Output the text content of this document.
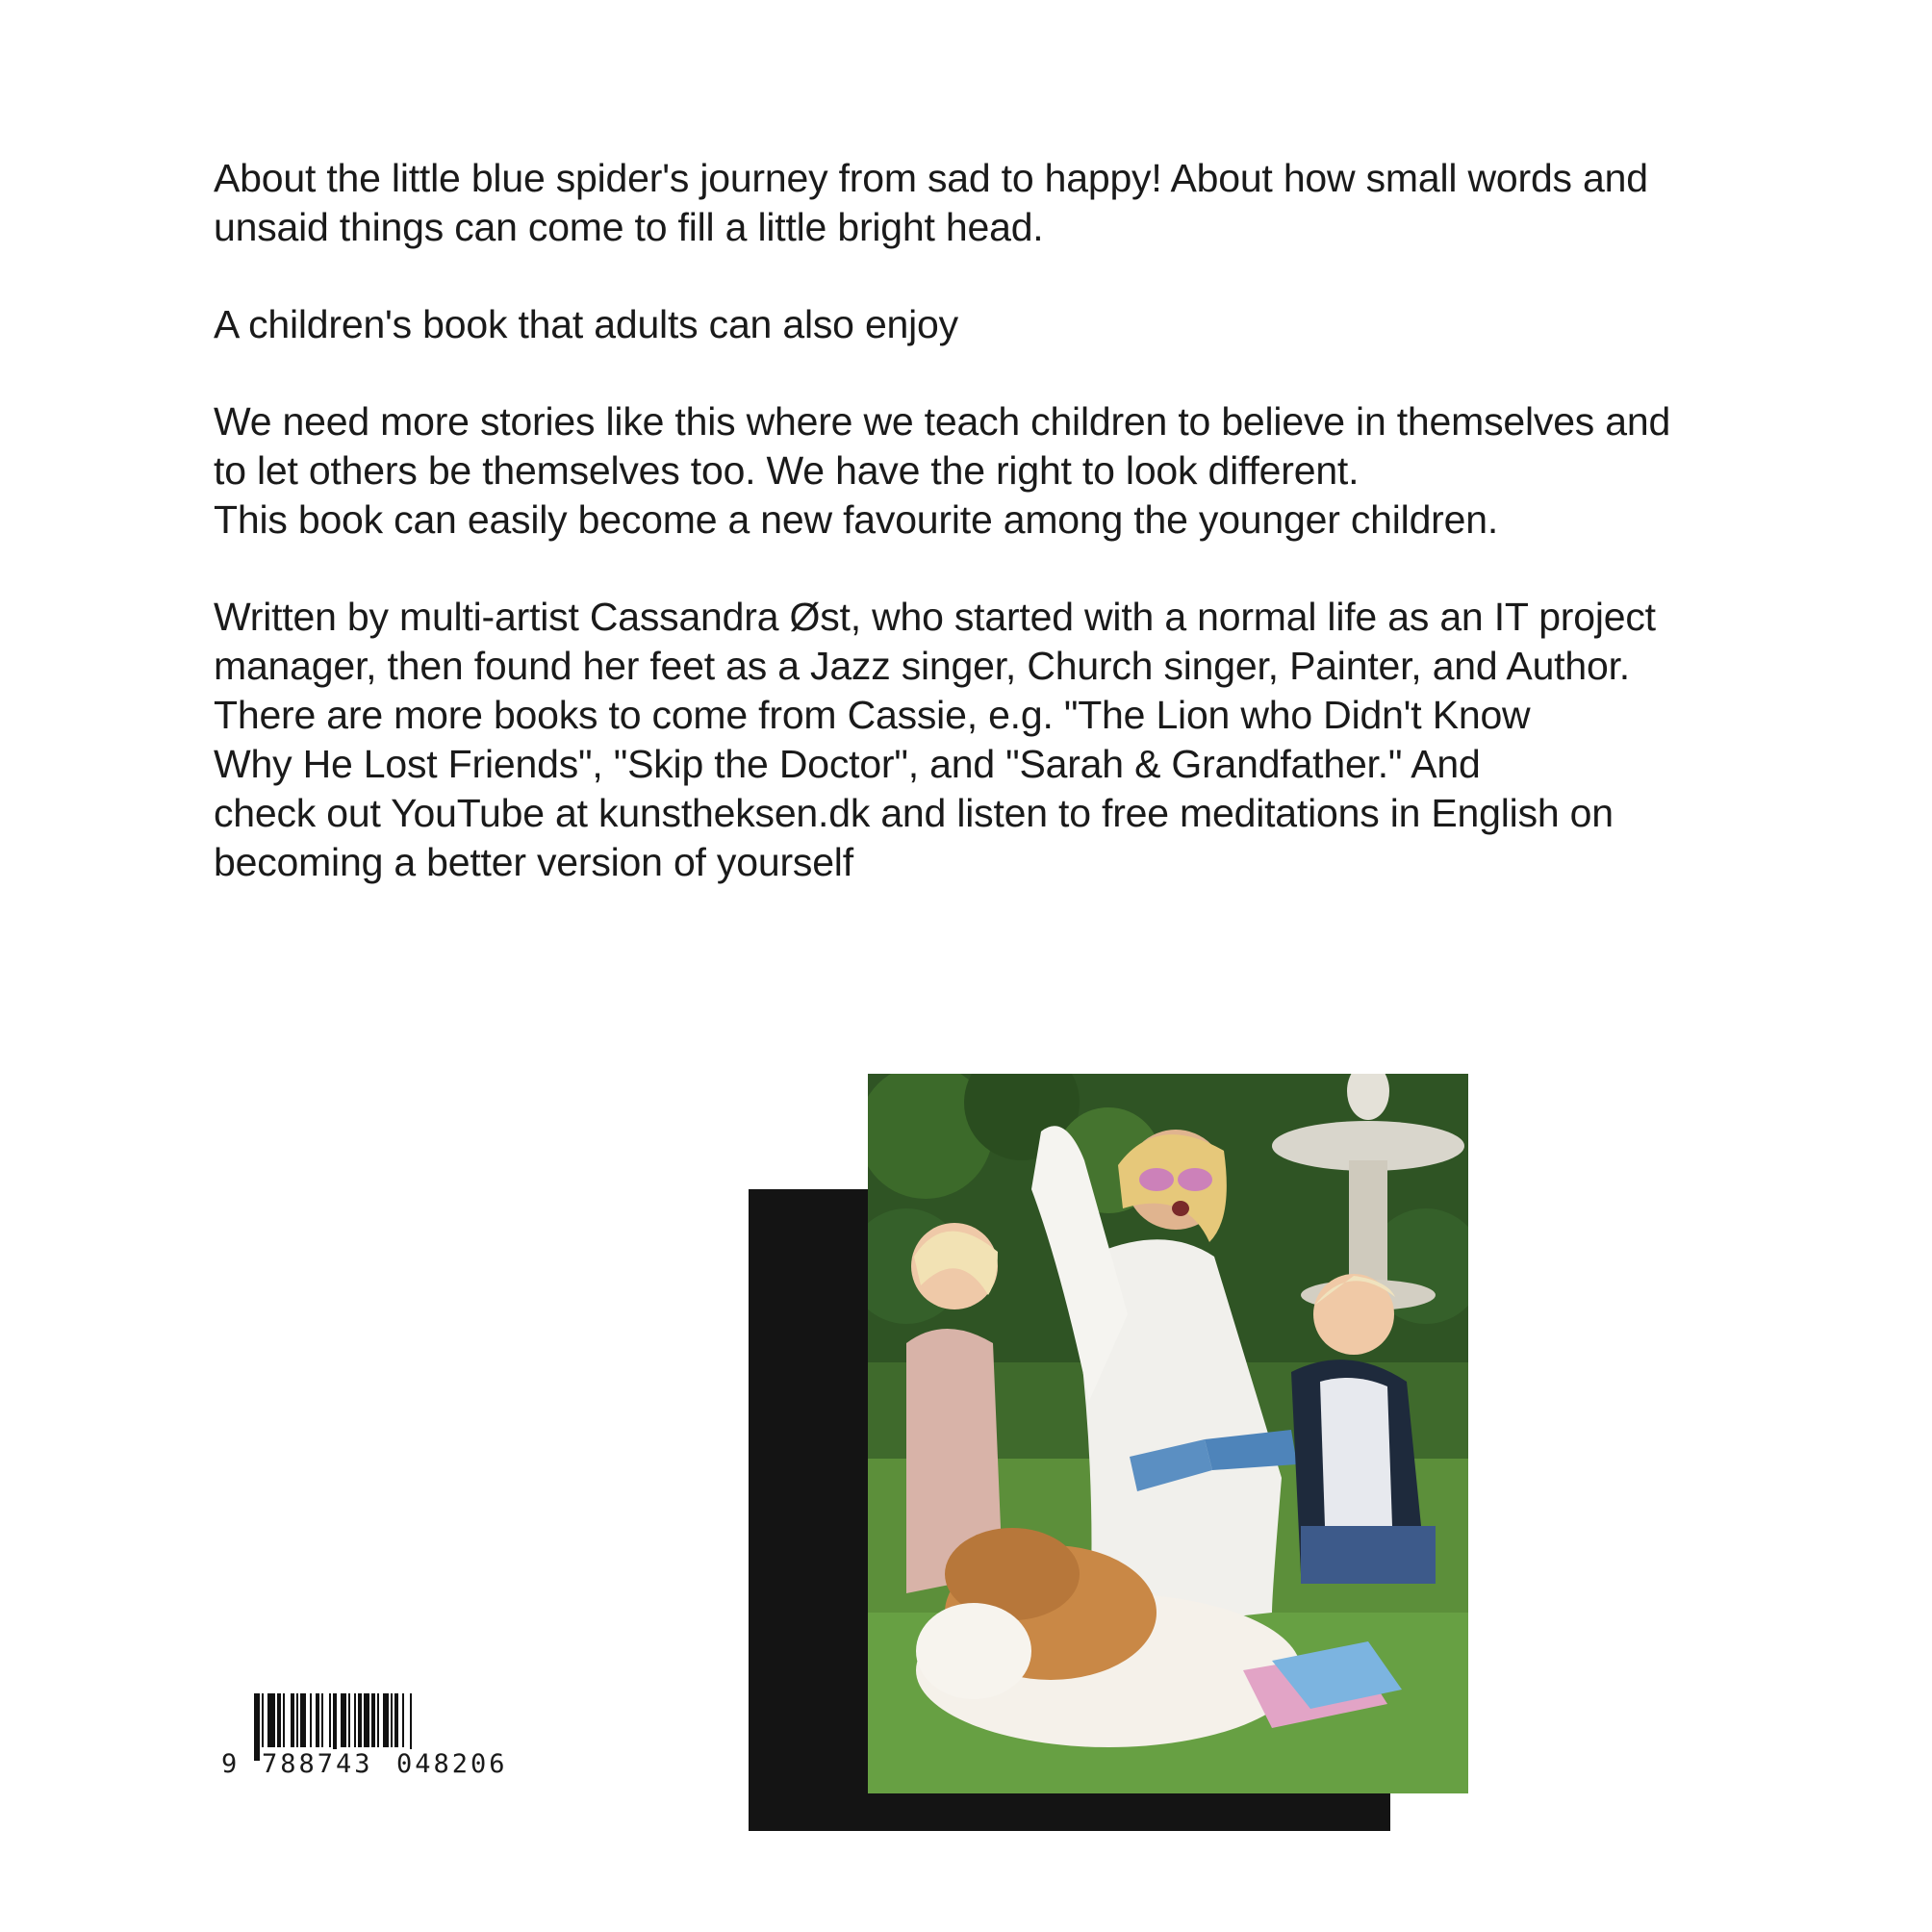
About the little blue spider's journey from sad to happy! About how small words and
unsaid things can come to fill a little bright head.

A children's book that adults can also enjoy

We need more stories like this where we teach children to believe in themselves and
to let others be themselves too. We have the right to look different.
This book can easily become a new favourite among the younger children.

Written by multi-artist Cassandra Øst, who started with a normal life as an IT project
manager, then found her feet as a Jazz singer, Church singer, Painter, and Author.
There are more books to come from Cassie, e.g. "The Lion who Didn't Know
Why He Lost Friends", "Skip the Doctor", and "Sarah & Grandfather." And
check out YouTube at kunstheksen.dk and listen to free meditations in English on
becoming a better version of yourself

9 788743 048206
